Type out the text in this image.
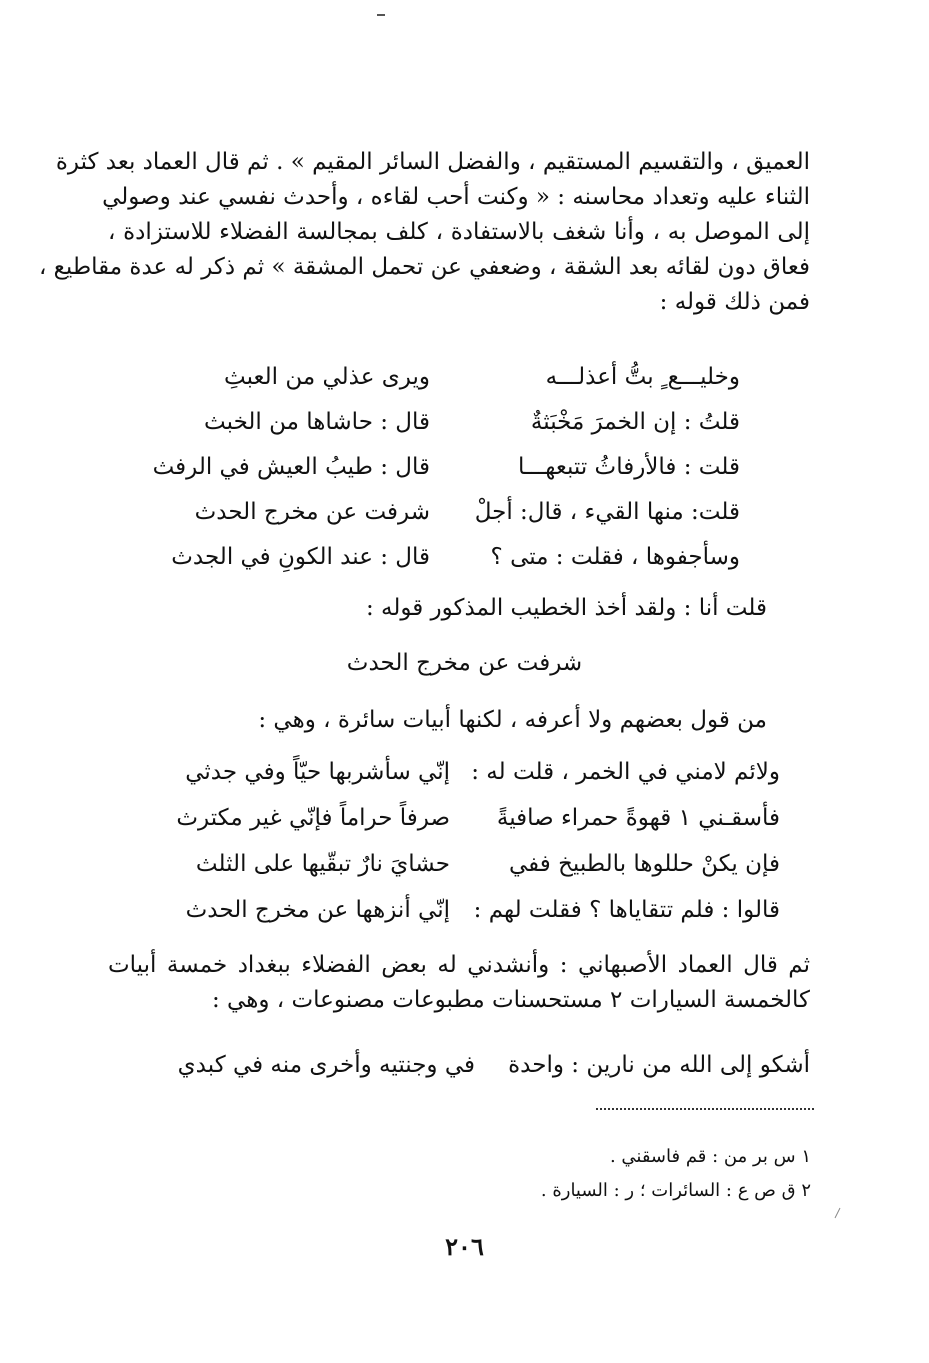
العميق ، والتقسيم المستقيم ، والفضل السائر المقيم » . ثم قال العماد بعد كثرة
الثناء عليه وتعداد محاسنه : « وكنت أحب لقاءه ، وأحدث نفسي عند وصولي
إلى الموصل به ، وأنا شغف بالاستفادة ، كلف بمجالسة الفضلاء للاستزادة ،
فعاق دون لقائه بعد الشقة ، وضعفي عن تحمل المشقة » ثم ذكر له عدة مقاطيع ،
فمن ذلك قوله :
وخليـــع ٍ بتُّ أعذلـــه
ويرى عذلي من العبثِ
قلتُ : إن الخمرَ مَخْبَثةٌ
قال : حاشاها من الخبث
قلت : فالأرفاثُ تتبعهـــا
قال : طيبُ العيش في الرفث
قلت: منها القيء ، قال: أجلْ
شرفت عن مخرج الحدث
وسأجفوها ، فقلت : متى ؟
قال : عند الكونِ في الجدث
قلت أنا : ولقد أخذ الخطيب المذكور قوله :
شرفت عن مخرج الحدث
من قول بعضهم ولا أعرفه ، لكنها أبيات سائرة ، وهي :
ولائم لامني في الخمر ، قلت له :
إنّي سأشربها حيّاً وفي جدثي
فأسقـني ١ قهوةً حمراء صافيةً
صرفاً حراماً فإنّي غير مكترث
فإن يكنْ حللوها بالطبيخ ففي
حشايَ نارٌ تبقّيها على الثلث
قالوا : فلم تتقاياها ؟ فقلت لهم :
إنّي أنزهها عن مخرج الحدث
ثم قال العماد الأصبهاني : وأنشدني له بعض الفضلاء ببغداد خمسة أبيات
كالخمسة السيارات ٢ مستحسنات مطبوعات مصنوعات ، وهي :
أشكو إلى الله من نارين : واحدة
في وجنتيه وأخرى منه في كبدي
١ س بر من : قم فاسقني .
٢ ق ص ع : السائرات ؛ ر : السيارة .
٢٠٦
